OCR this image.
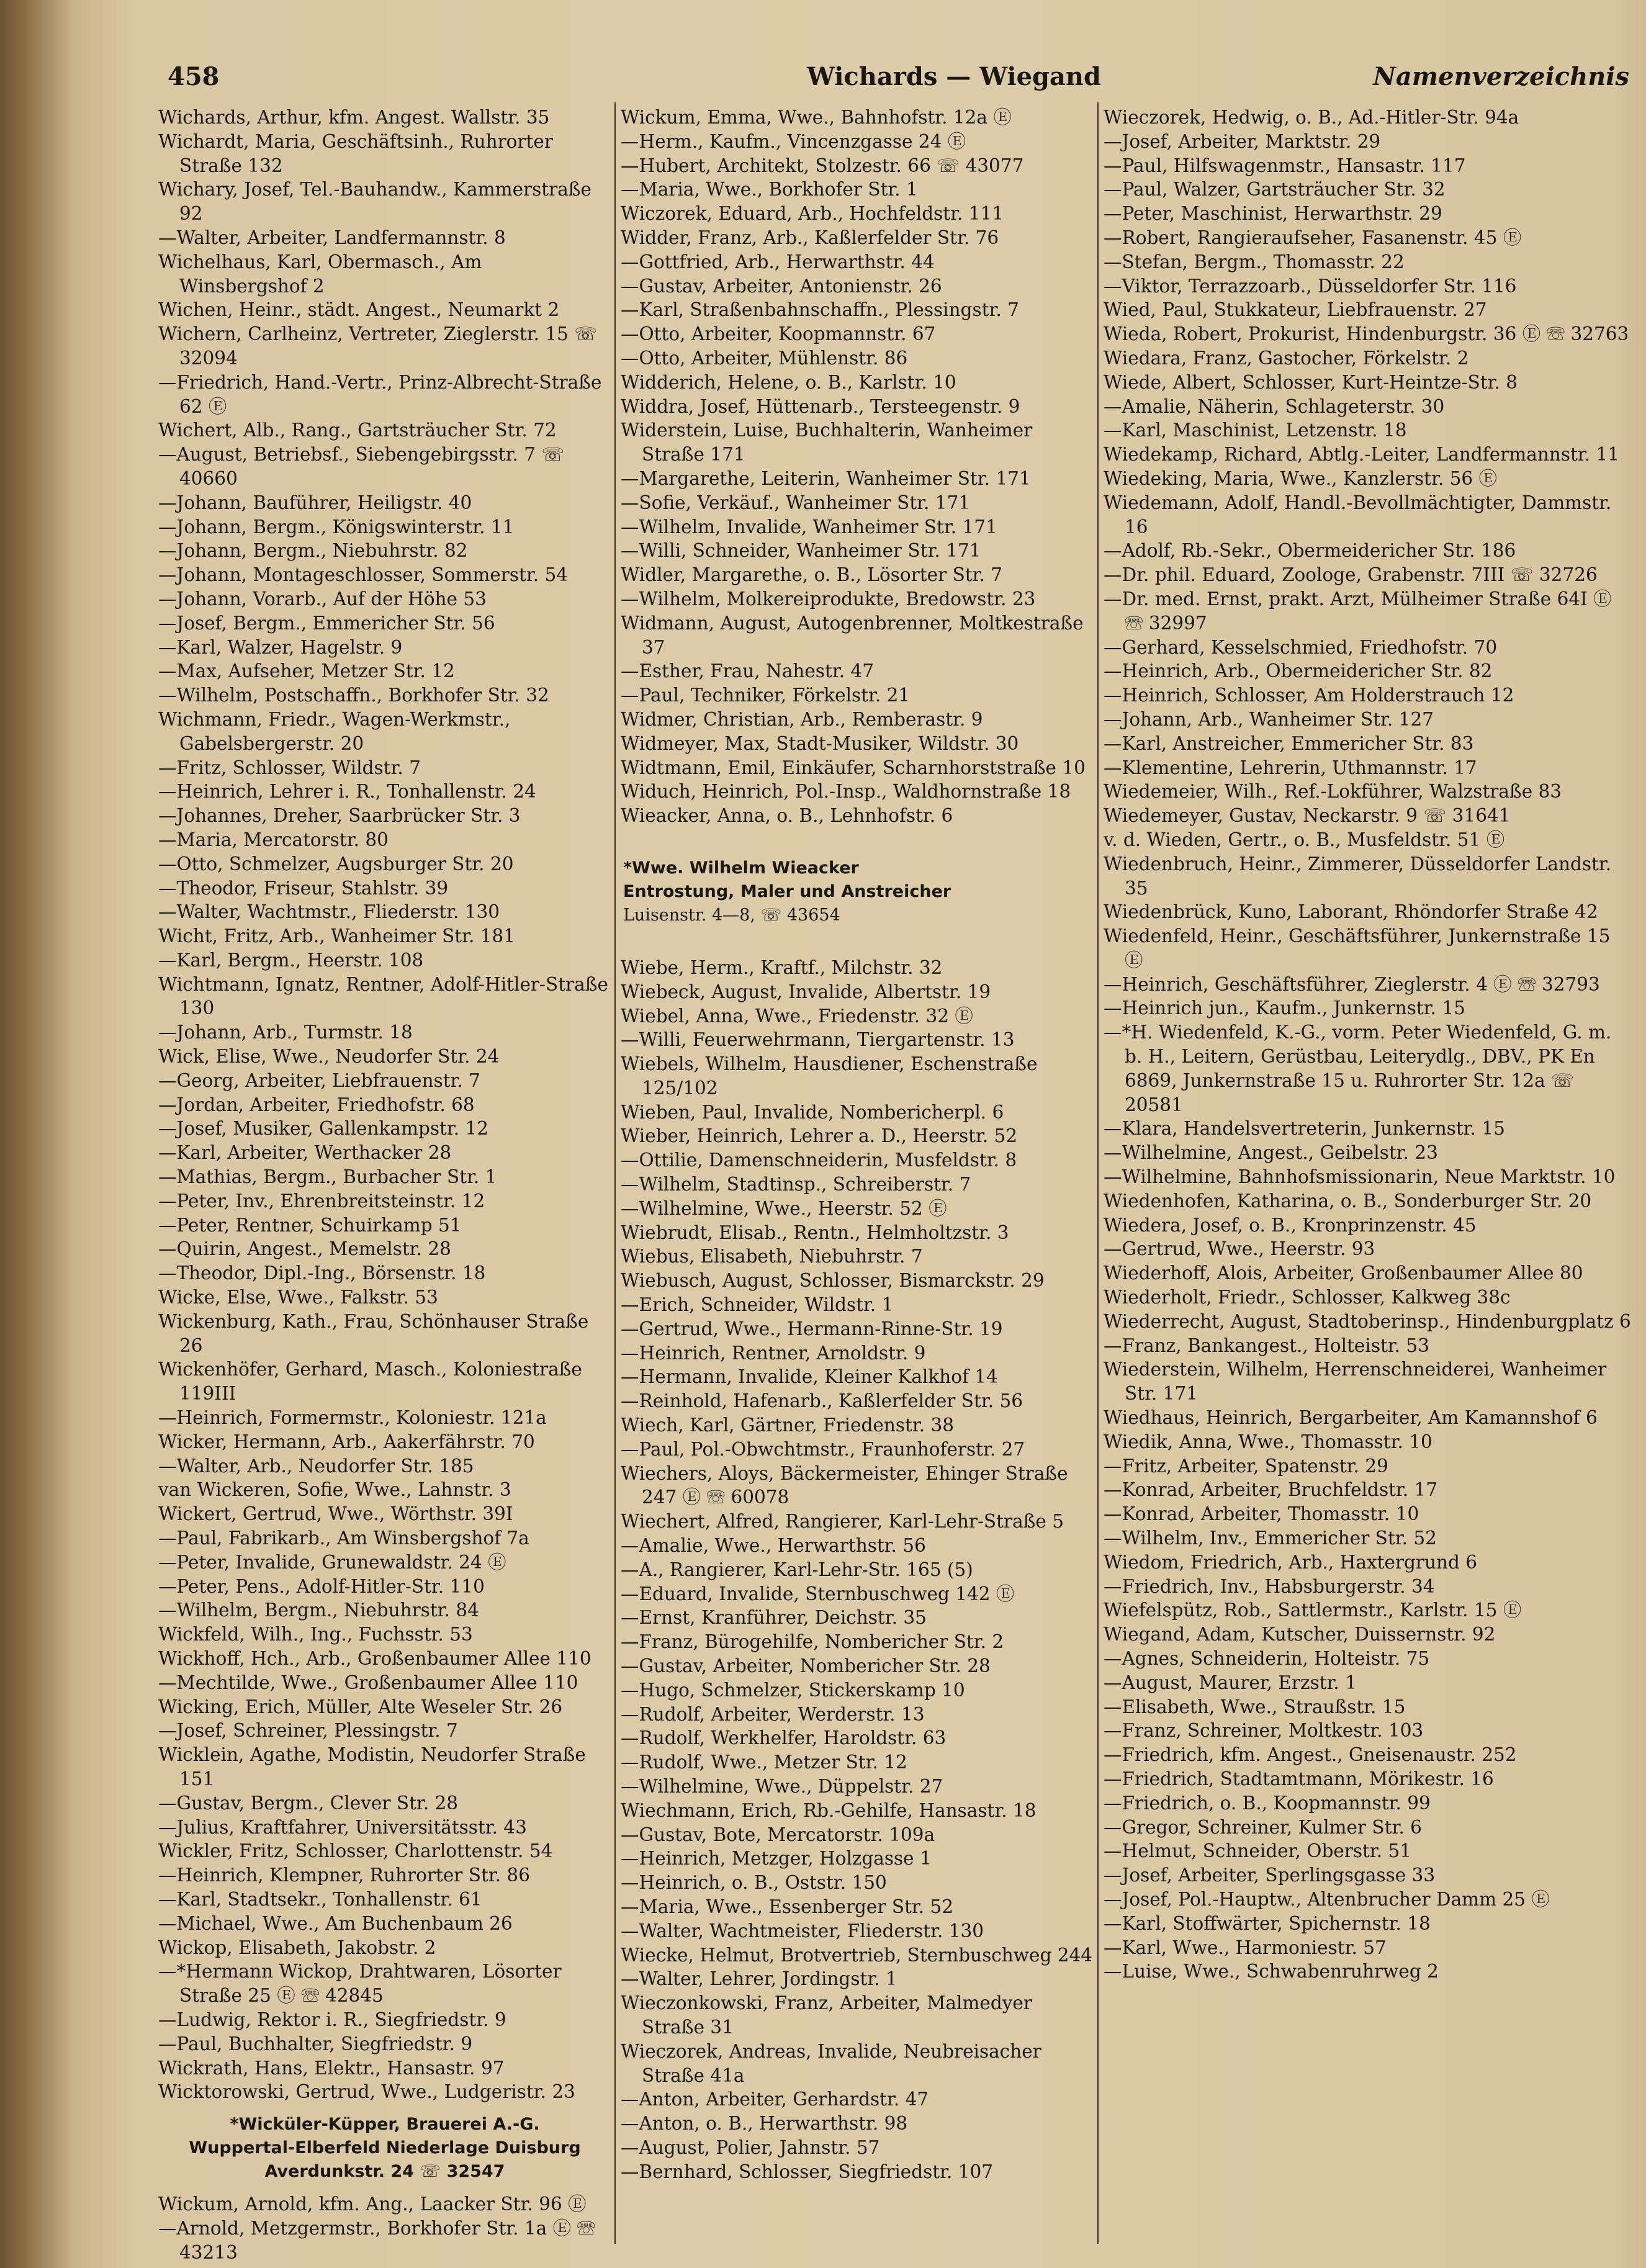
458	Wichards — Wiegand	Namenverzeichnis

Wichards, Arthur, kfm. Angest. Wallstr. 35

Wichardt, Maria, Geschäftsinh., Ruhrorter Straße 132

Wichary, Josef, Tel.-Bauhandw., Kammerstraße 92

—Walter, Arbeiter, Landfermannstr. 8

Wichelhaus, Karl, Obermasch., Am Winsbergshof 2

Wichen, Heinr., städt. Angest., Neumarkt 2

Wichern, Carlheinz, Vertreter, Zieglerstr. 15 ☏ 32094

—Friedrich, Hand.-Vertr., Prinz-Albrecht-Straße 62 Ⓔ

Wichert, Alb., Rang., Gartsträucher Str. 72

—August, Betriebsf., Siebengebirgsstr. 7 ☏ 40660

—Johann, Bauführer, Heiligstr. 40

—Johann, Bergm., Königswinterstr. 11

—Johann, Bergm., Niebuhrstr. 82

—Johann, Montageschlosser, Sommerstr. 54

—Johann, Vorarb., Auf der Höhe 53

—Josef, Bergm., Emmericher Str. 56

—Karl, Walzer, Hagelstr. 9

—Max, Aufseher, Metzer Str. 12

—Wilhelm, Postschaffn., Borkhofer Str. 32

Wichmann, Friedr., Wagen-Werkmstr., Gabelsbergerstr. 20

—Fritz, Schlosser, Wildstr. 7

—Heinrich, Lehrer i. R., Tonhallenstr. 24

—Johannes, Dreher, Saarbrücker Str. 3

—Maria, Mercatorstr. 80

—Otto, Schmelzer, Augsburger Str. 20

—Theodor, Friseur, Stahlstr. 39

—Walter, Wachtmstr., Fliederstr. 130

Wicht, Fritz, Arb., Wanheimer Str. 181

—Karl, Bergm., Heerstr. 108

Wichtmann, Ignatz, Rentner, Adolf-Hitler-Straße 130

—Johann, Arb., Turmstr. 18

Wick, Elise, Wwe., Neudorfer Str. 24

—Georg, Arbeiter, Liebfrauenstr. 7

—Jordan, Arbeiter, Friedhofstr. 68

—Josef, Musiker, Gallenkampstr. 12

—Karl, Arbeiter, Werthacker 28

—Mathias, Bergm., Burbacher Str. 1

—Peter, Inv., Ehrenbreitsteinstr. 12

—Peter, Rentner, Schuirkamp 51

—Quirin, Angest., Memelstr. 28

—Theodor, Dipl.-Ing., Börsenstr. 18

Wicke, Else, Wwe., Falkstr. 53

Wickenburg, Kath., Frau, Schönhauser Straße 26

Wickenhöfer, Gerhard, Masch., Koloniestraße 119III

—Heinrich, Formermstr., Koloniestr. 121a

Wicker, Hermann, Arb., Aakerfährstr. 70

—Walter, Arb., Neudorfer Str. 185

van Wickeren, Sofie, Wwe., Lahnstr. 3

Wickert, Gertrud, Wwe., Wörthstr. 39I

—Paul, Fabrikarb., Am Winsbergshof 7a

—Peter, Invalide, Grunewaldstr. 24 Ⓔ

—Peter, Pens., Adolf-Hitler-Str. 110

—Wilhelm, Bergm., Niebuhrstr. 84

Wickfeld, Wilh., Ing., Fuchsstr. 53

Wickhoff, Hch., Arb., Großenbaumer Allee 110

—Mechtilde, Wwe., Großenbaumer Allee 110

Wicking, Erich, Müller, Alte Weseler Str. 26

—Josef, Schreiner, Plessingstr. 7

Wicklein, Agathe, Modistin, Neudorfer Straße 151

—Gustav, Bergm., Clever Str. 28

—Julius, Kraftfahrer, Universitätsstr. 43

Wickler, Fritz, Schlosser, Charlottenstr. 54

—Heinrich, Klempner, Ruhrorter Str. 86

—Karl, Stadtsekr., Tonhallenstr. 61

—Michael, Wwe., Am Buchenbaum 26

Wickop, Elisabeth, Jakobstr. 2

—*Hermann Wickop, Drahtwaren, Lösorter Straße 25 Ⓔ ☏ 42845

—Ludwig, Rektor i. R., Siegfriedstr. 9

—Paul, Buchhalter, Siegfriedstr. 9

Wickrath, Hans, Elektr., Hansastr. 97

Wicktorowski, Gertrud, Wwe., Ludgeristr. 23

*Wicküler-Küpper, Brauerei A.-G.
Wuppertal-Elberfeld Niederlage Duisburg
Averdunkstr. 24 ☏ 32547

Wickum, Arnold, kfm. Ang., Laacker Str. 96 Ⓔ

—Arnold, Metzgermstr., Borkhofer Str. 1a Ⓔ ☏ 43213

Wickum, Emma, Wwe., Bahnhofstr. 12a Ⓔ

—Herm., Kaufm., Vincenzgasse 24 Ⓔ

—Hubert, Architekt, Stolzestr. 66 ☏ 43077

—Maria, Wwe., Borkhofer Str. 1

Wiczorek, Eduard, Arb., Hochfeldstr. 111

Widder, Franz, Arb., Kaßlerfelder Str. 76

—Gottfried, Arb., Herwarthstr. 44

—Gustav, Arbeiter, Antonienstr. 26

—Karl, Straßenbahnschaffn., Plessingstr. 7

—Otto, Arbeiter, Koopmannstr. 67

—Otto, Arbeiter, Mühlenstr. 86

Widderich, Helene, o. B., Karlstr. 10

Widdra, Josef, Hüttenarb., Tersteegenstr. 9

Widerstein, Luise, Buchhalterin, Wanheimer Straße 171

—Margarethe, Leiterin, Wanheimer Str. 171

—Sofie, Verkäuf., Wanheimer Str. 171

—Wilhelm, Invalide, Wanheimer Str. 171

—Willi, Schneider, Wanheimer Str. 171

Widler, Margarethe, o. B., Lösorter Str. 7

—Wilhelm, Molkereiprodukte, Bredowstr. 23

Widmann, August, Autogenbrenner, Moltkestraße 37

—Esther, Frau, Nahestr. 47

—Paul, Techniker, Förkelstr. 21

Widmer, Christian, Arb., Remberastr. 9

Widmeyer, Max, Stadt-Musiker, Wildstr. 30

Widtmann, Emil, Einkäufer, Scharnhorststraße 10

Widuch, Heinrich, Pol.-Insp., Waldhornstraße 18

Wieacker, Anna, o. B., Lehnhofstr. 6

*Wwe. Wilhelm Wieacker
Entrostung, Maler und Anstreicher
Luisenstr. 4—8, ☏ 43654

Wiebe, Herm., Kraftf., Milchstr. 32

Wiebeck, August, Invalide, Albertstr. 19

Wiebel, Anna, Wwe., Friedenstr. 32 Ⓔ

—Willi, Feuerwehrmann, Tiergartenstr. 13

Wiebels, Wilhelm, Hausdiener, Eschenstraße 125/102

Wieben, Paul, Invalide, Nombericherpl. 6

Wieber, Heinrich, Lehrer a. D., Heerstr. 52

—Ottilie, Damenschneiderin, Musfeldstr. 8

—Wilhelm, Stadtinsp., Schreiberstr. 7

—Wilhelmine, Wwe., Heerstr. 52 Ⓔ

Wiebrudt, Elisab., Rentn., Helmholtzstr. 3

Wiebus, Elisabeth, Niebuhrstr. 7

Wiebusch, August, Schlosser, Bismarckstr. 29

—Erich, Schneider, Wildstr. 1

—Gertrud, Wwe., Hermann-Rinne-Str. 19

—Heinrich, Rentner, Arnoldstr. 9

—Hermann, Invalide, Kleiner Kalkhof 14

—Reinhold, Hafenarb., Kaßlerfelder Str. 56

Wiech, Karl, Gärtner, Friedenstr. 38

—Paul, Pol.-Obwchtmstr., Fraunhoferstr. 27

Wiechers, Aloys, Bäckermeister, Ehinger Straße 247 Ⓔ ☏ 60078

Wiechert, Alfred, Rangierer, Karl-Lehr-Straße 5

—Amalie, Wwe., Herwarthstr. 56

—A., Rangierer, Karl-Lehr-Str. 165 (5)

—Eduard, Invalide, Sternbuschweg 142 Ⓔ

—Ernst, Kranführer, Deichstr. 35

—Franz, Bürogehilfe, Nombericher Str. 2

—Gustav, Arbeiter, Nombericher Str. 28

—Hugo, Schmelzer, Stickerskamp 10

—Rudolf, Arbeiter, Werderstr. 13

—Rudolf, Werkhelfer, Haroldstr. 63

—Rudolf, Wwe., Metzer Str. 12

—Wilhelmine, Wwe., Düppelstr. 27

Wiechmann, Erich, Rb.-Gehilfe, Hansastr. 18

—Gustav, Bote, Mercatorstr. 109a

—Heinrich, Metzger, Holzgasse 1

—Heinrich, o. B., Oststr. 150

—Maria, Wwe., Essenberger Str. 52

—Walter, Wachtmeister, Fliederstr. 130

Wiecke, Helmut, Brotvertrieb, Sternbuschweg 244

—Walter, Lehrer, Jordingstr. 1

Wieczonkowski, Franz, Arbeiter, Malmedyer Straße 31

Wieczorek, Andreas, Invalide, Neubreisacher Straße 41a

—Anton, Arbeiter, Gerhardstr. 47

—Anton, o. B., Herwarthstr. 98

—August, Polier, Jahnstr. 57

—Bernhard, Schlosser, Siegfriedstr. 107

Wieczorek, Hedwig, o. B., Ad.-Hitler-Str. 94a

—Josef, Arbeiter, Marktstr. 29

—Paul, Hilfswagenmstr., Hansastr. 117

—Paul, Walzer, Gartsträucher Str. 32

—Peter, Maschinist, Herwarthstr. 29

—Robert, Rangieraufseher, Fasanenstr. 45 Ⓔ

—Stefan, Bergm., Thomasstr. 22

—Viktor, Terrazzoarb., Düsseldorfer Str. 116

Wied, Paul, Stukkateur, Liebfrauenstr. 27

Wieda, Robert, Prokurist, Hindenburgstr. 36 Ⓔ ☏ 32763

Wiedara, Franz, Gastocher, Förkelstr. 2

Wiede, Albert, Schlosser, Kurt-Heintze-Str. 8

—Amalie, Näherin, Schlageterstr. 30

—Karl, Maschinist, Letzenstr. 18

Wiedekamp, Richard, Abtlg.-Leiter, Landfermannstr. 11

Wiedeking, Maria, Wwe., Kanzlerstr. 56 Ⓔ

Wiedemann, Adolf, Handl.-Bevollmächtigter, Dammstr. 16

—Adolf, Rb.-Sekr., Obermeidericher Str. 186

—Dr. phil. Eduard, Zoologe, Grabenstr. 7III ☏ 32726

—Dr. med. Ernst, prakt. Arzt, Mülheimer Straße 64I Ⓔ ☏ 32997

—Gerhard, Kesselschmied, Friedhofstr. 70

—Heinrich, Arb., Obermeidericher Str. 82

—Heinrich, Schlosser, Am Holderstrauch 12

—Johann, Arb., Wanheimer Str. 127

—Karl, Anstreicher, Emmericher Str. 83

—Klementine, Lehrerin, Uthmannstr. 17

Wiedemeier, Wilh., Ref.-Lokführer, Walzstraße 83

Wiedemeyer, Gustav, Neckarstr. 9 ☏ 31641

v. d. Wieden, Gertr., o. B., Musfeldstr. 51 Ⓔ

Wiedenbruch, Heinr., Zimmerer, Düsseldorfer Landstr. 35

Wiedenbrück, Kuno, Laborant, Rhöndorfer Straße 42

Wiedenfeld, Heinr., Geschäftsführer, Junkernstraße 15 Ⓔ

—Heinrich, Geschäftsführer, Zieglerstr. 4 Ⓔ ☏ 32793

—Heinrich jun., Kaufm., Junkernstr. 15

—*H. Wiedenfeld, K.-G., vorm. Peter Wiedenfeld, G. m. b. H., Leitern, Gerüstbau, Leiterydlg., DBV., PK En 6869, Junkernstraße 15 u. Ruhrorter Str. 12a ☏ 20581

—Klara, Handelsvertreterin, Junkernstr. 15

—Wilhelmine, Angest., Geibelstr. 23

—Wilhelmine, Bahnhofsmissionarin, Neue Marktstr. 10

Wiedenhofen, Katharina, o. B., Sonderburger Str. 20

Wiedera, Josef, o. B., Kronprinzenstr. 45

—Gertrud, Wwe., Heerstr. 93

Wiederhoff, Alois, Arbeiter, Großenbaumer Allee 80

Wiederholt, Friedr., Schlosser, Kalkweg 38c

Wiederrecht, August, Stadtoberinsp., Hindenburgplatz 6

—Franz, Bankangest., Holteistr. 53

Wiederstein, Wilhelm, Herrenschneiderei, Wanheimer Str. 171

Wiedhaus, Heinrich, Bergarbeiter, Am Kamannshof 6

Wiedik, Anna, Wwe., Thomasstr. 10

—Fritz, Arbeiter, Spatenstr. 29

—Konrad, Arbeiter, Bruchfeldstr. 17

—Konrad, Arbeiter, Thomasstr. 10

—Wilhelm, Inv., Emmericher Str. 52

Wiedom, Friedrich, Arb., Haxtergrund 6

—Friedrich, Inv., Habsburgerstr. 34

Wiefelspütz, Rob., Sattlermstr., Karlstr. 15 Ⓔ

Wiegand, Adam, Kutscher, Duissernstr. 92

—Agnes, Schneiderin, Holteistr. 75

—August, Maurer, Erzstr. 1

—Elisabeth, Wwe., Straußstr. 15

—Franz, Schreiner, Moltkestr. 103

—Friedrich, kfm. Angest., Gneisenaustr. 252

—Friedrich, Stadtamtmann, Mörikestr. 16

—Friedrich, o. B., Koopmannstr. 99

—Gregor, Schreiner, Kulmer Str. 6

—Helmut, Schneider, Oberstr. 51

—Josef, Arbeiter, Sperlingsgasse 33

—Josef, Pol.-Hauptw., Altenbrucher Damm 25 Ⓔ

—Karl, Stoffwärter, Spichernstr. 18

—Karl, Wwe., Harmoniestr. 57

—Luise, Wwe., Schwabenruhrweg 2
